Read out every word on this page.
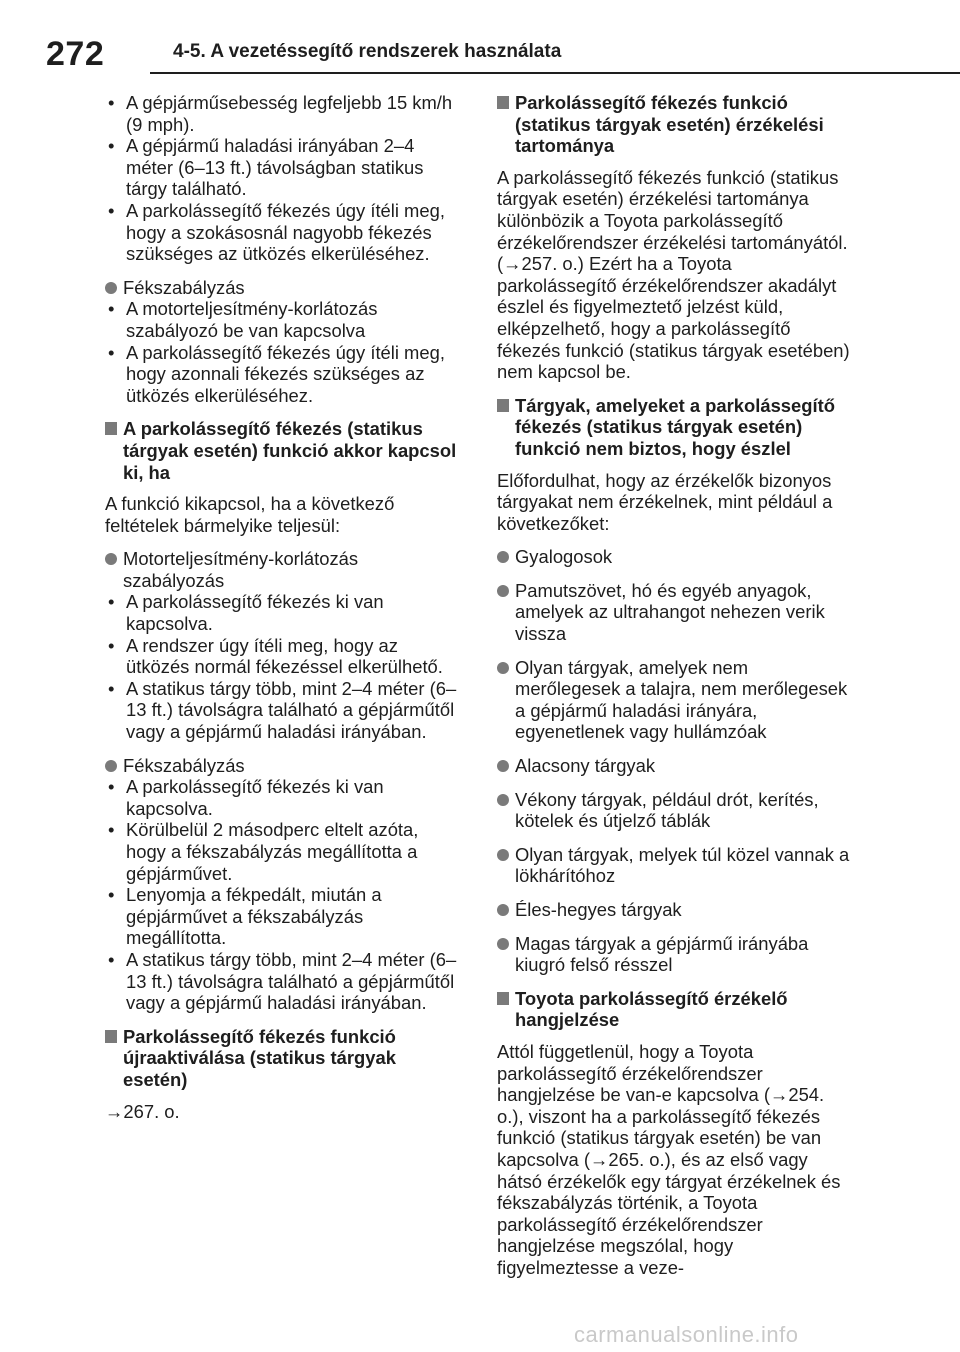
272	4-5. A vezetéssegítő rendszerek használata
• A gépjárműsebesség legfeljebb 15 km/h (9 mph).
• A gépjármű haladási irányában 2–4 méter (6–13 ft.) távolságban statikus tárgy található.
• A parkolássegítő fékezés úgy ítéli meg, hogy a szokásosnál nagyobb fékezés szükséges az ütközés elkerüléséhez.
Fékszabályzás
• A motorteljesítmény-korlátozás szabályozó be van kapcsolva
• A parkolássegítő fékezés úgy ítéli meg, hogy azonnali fékezés szükséges az ütközés elkerüléséhez.
A parkolássegítő fékezés (statikus tárgyak esetén) funkció akkor kapcsol ki, ha

A funkció kikapcsol, ha a következő feltételek bármelyike teljesül:

Motorteljesítmény-korlátozás szabályozás
• A parkolássegítő fékezés ki van kapcsolva.
• A rendszer úgy ítéli meg, hogy az ütközés normál fékezéssel elkerülhető.
• A statikus tárgy több, mint 2–4 méter (6–13 ft.) távolságra található a gépjárműtől vagy a gépjármű haladási irányában.
Fékszabályzás
• A parkolássegítő fékezés ki van kapcsolva.
• Körülbelül 2 másodperc eltelt azóta, hogy a fékszabályzás megállította a gépjárművet.
• Lenyomja a fékpedált, miután a gépjárművet a fékszabályzás megállította.
• A statikus tárgy több, mint 2–4 méter (6–13 ft.) távolságra található a gépjárműtől vagy a gépjármű haladási irányában.
Parkolássegítő fékezés funkció újraaktiválása (statikus tárgyak esetén)

→267. o.

Parkolássegítő fékezés funkció (statikus tárgyak esetén) érzékelési tartománya

A parkolássegítő fékezés funkció (statikus tárgyak esetén) érzékelési tartománya különbözik a Toyota parkolássegítő érzékelőrendszer érzékelési tartományától. (→257. o.) Ezért ha a Toyota parkolássegítő érzékelőrendszer akadályt észlel és figyelmeztető jelzést küld, elképzelhető, hogy a parkolássegítő fékezés funkció (statikus tárgyak esetében) nem kapcsol be.

Tárgyak, amelyeket a parkolássegítő fékezés (statikus tárgyak esetén) funkció nem biztos, hogy észlel

Előfordulhat, hogy az érzékelők bizonyos tárgyakat nem érzékelnek, mint például a következőket:

Gyalogosok
Pamutszövet, hó és egyéb anyagok, amelyek az ultrahangot nehezen verik vissza
Olyan tárgyak, amelyek nem merőlegesek a talajra, nem merőlegesek a gépjármű haladási irányára, egyenetlenek vagy hullámzóak
Alacsony tárgyak
Vékony tárgyak, például drót, kerítés, kötelek és útjelző táblák
Olyan tárgyak, melyek túl közel vannak a lökhárítóhoz
Éles-hegyes tárgyak
Magas tárgyak a gépjármű irányába kiugró felső résszel
Toyota parkolássegítő érzékelő hangjelzése

Attól függetlenül, hogy a Toyota parkolássegítő érzékelőrendszer hangjelzése be van-e kapcsolva (→254. o.), viszont ha a parkolássegítő fékezés funkció (statikus tárgyak esetén) be van kapcsolva (→265. o.), és az első vagy hátsó érzékelők egy tárgyat érzékelnek és fékszabályzás történik, a Toyota parkolássegítő érzékelőrendszer hangjelzése megszólal, hogy figyelmeztesse a veze-

carmanualsonline.info
